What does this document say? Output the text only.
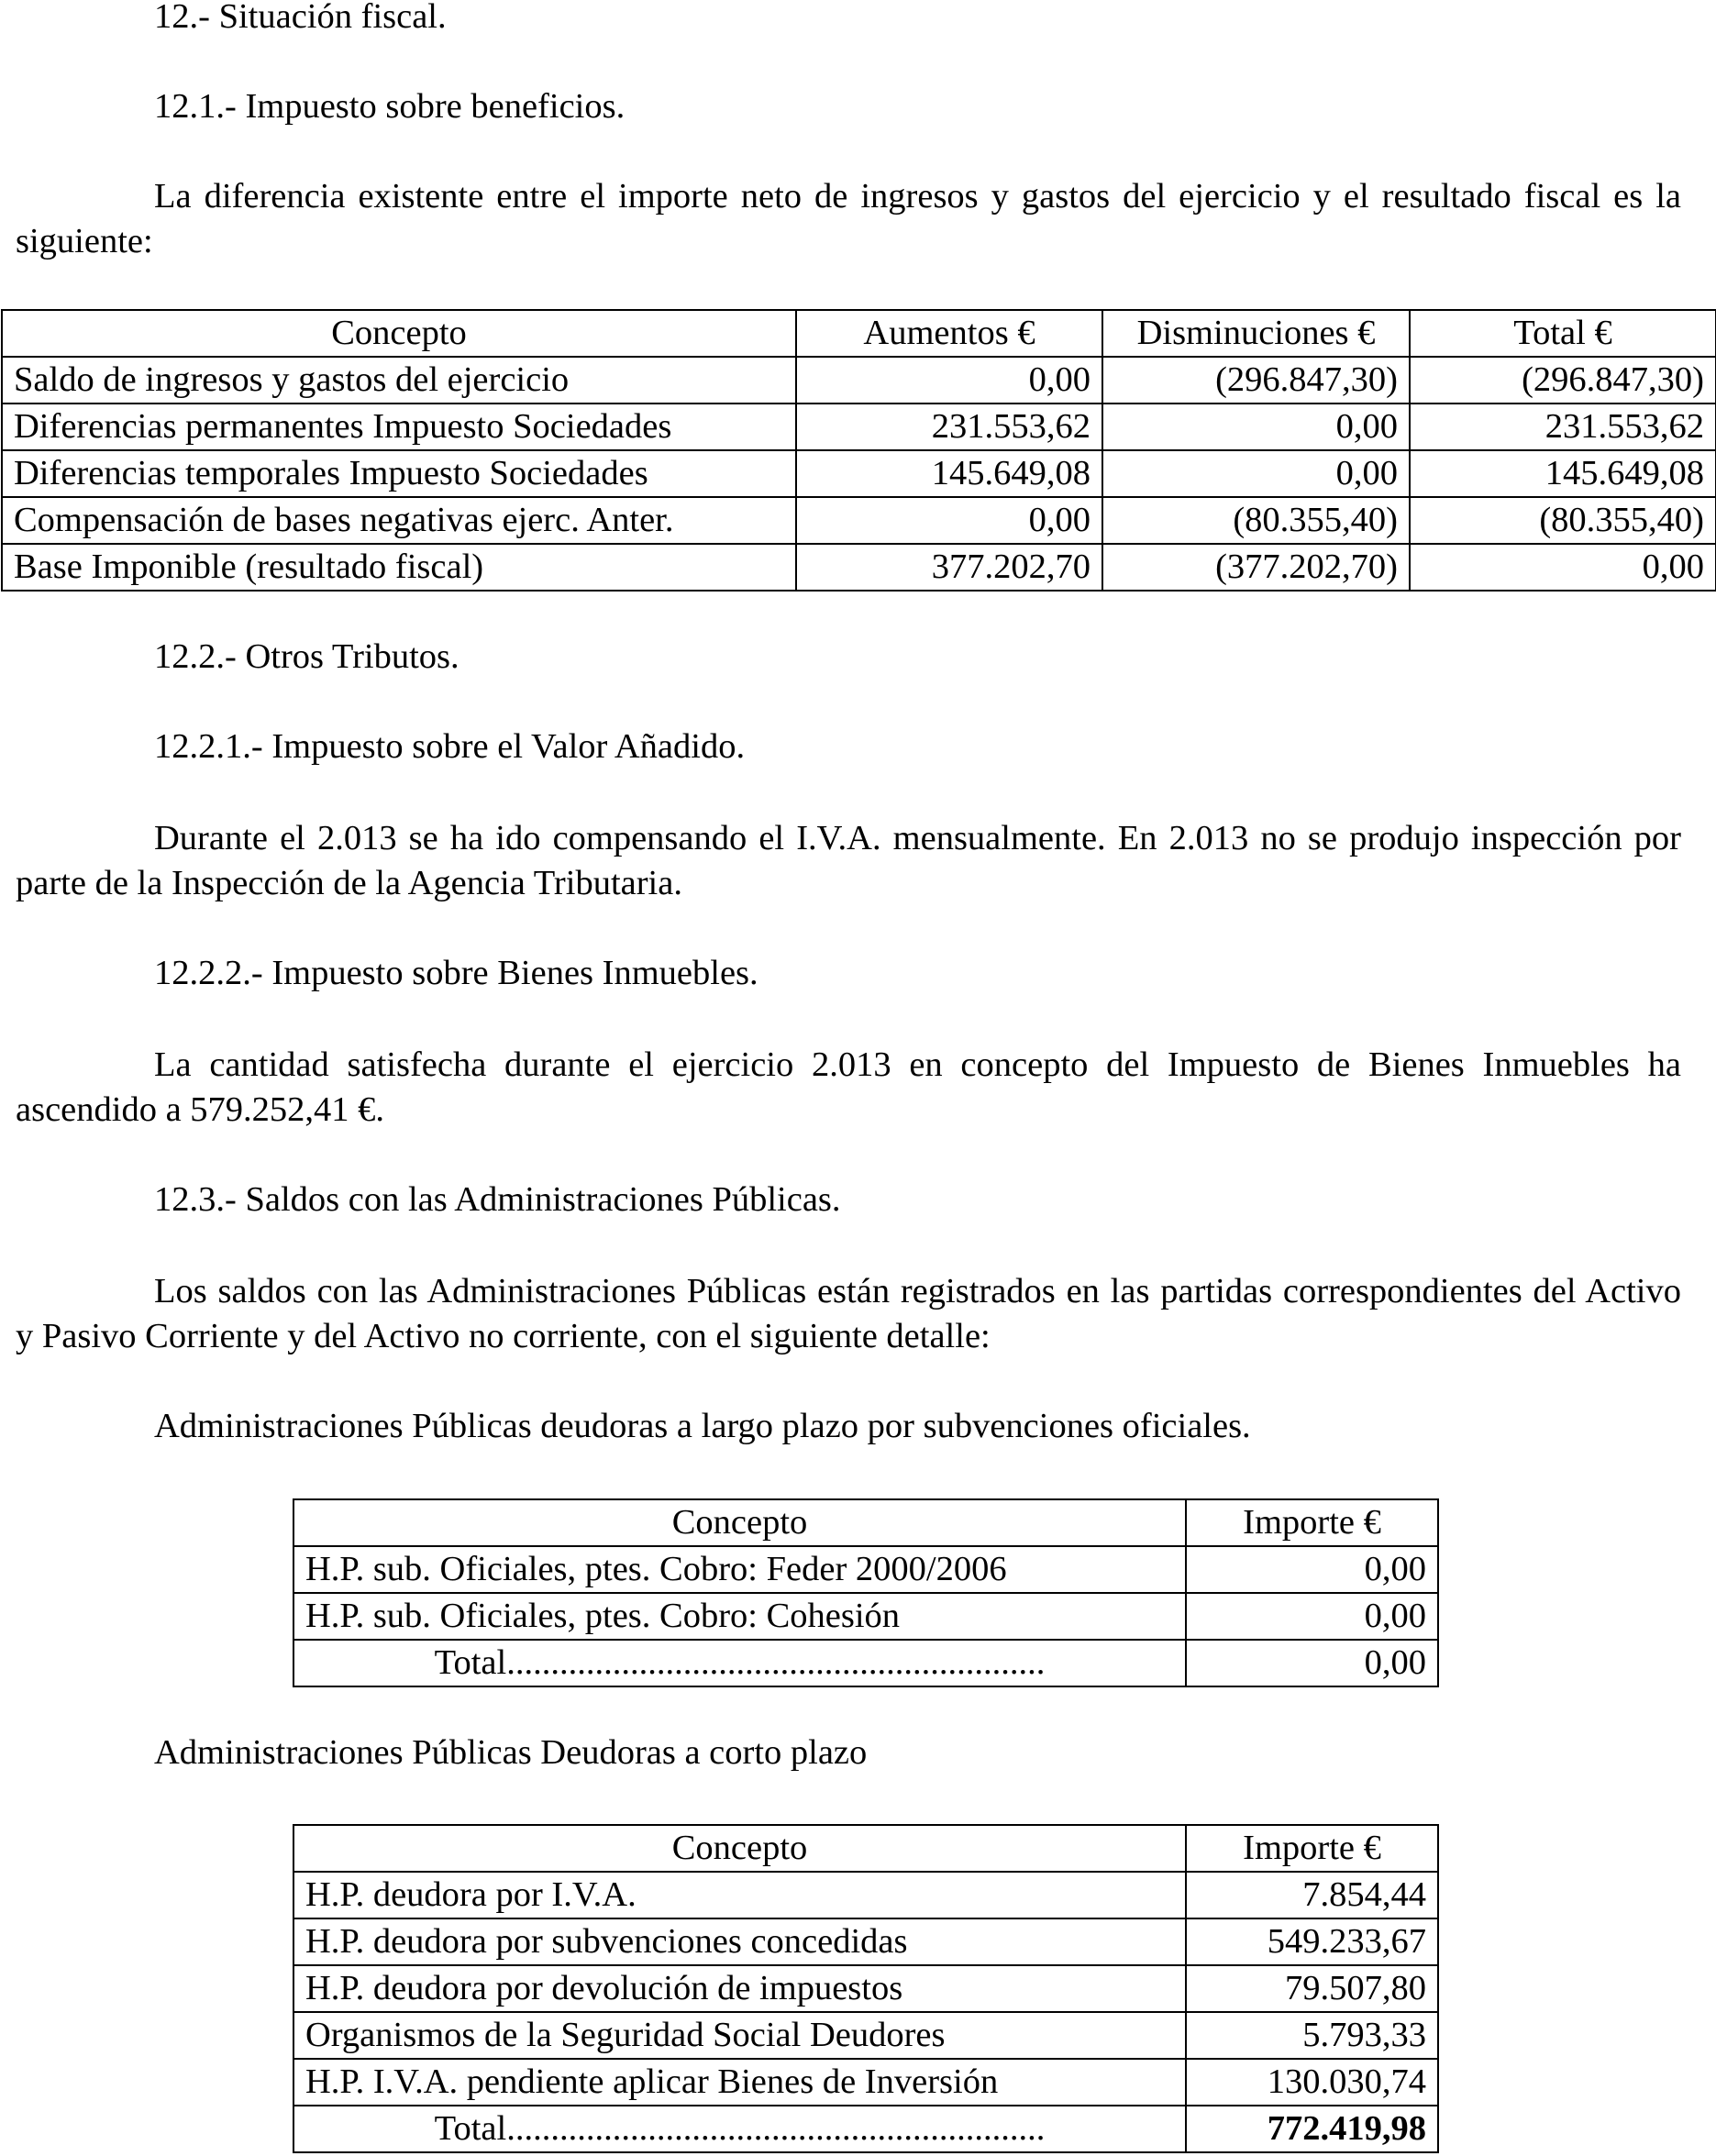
12.- Situación fiscal.
12.1.- Impuesto sobre beneficios.
La diferencia existente entre el importe neto de ingresos y gastos del ejercicio y el resultado fiscal es la siguiente:
Concepto	Aumentos €	Disminuciones €	Total €
Saldo de ingresos y gastos del ejercicio	0,00	(296.847,30)	(296.847,30)
Diferencias permanentes Impuesto Sociedades	231.553,62	0,00	231.553,62
Diferencias temporales Impuesto Sociedades	145.649,08	0,00	145.649,08
Compensación de bases negativas ejerc. Anter.	0,00	(80.355,40)	(80.355,40)
Base Imponible (resultado fiscal)	377.202,70	(377.202,70)	0,00
12.2.- Otros Tributos.
12.2.1.- Impuesto sobre el Valor Añadido.
Durante el 2.013 se ha ido compensando el I.V.A. mensualmente. En 2.013 no se produjo inspección por parte de la Inspección de la Agencia Tributaria.
12.2.2.- Impuesto sobre Bienes Inmuebles.
La cantidad satisfecha durante el ejercicio 2.013 en concepto del Impuesto de Bienes Inmuebles ha ascendido a 579.252,41 €.
12.3.- Saldos con las Administraciones Públicas.
Los saldos con las Administraciones Públicas están registrados en las partidas correspondientes del Activo y Pasivo Corriente y del Activo no corriente, con el siguiente detalle:
Administraciones Públicas deudoras a largo plazo por subvenciones oficiales.
Concepto	Importe €
H.P. sub. Oficiales, ptes. Cobro: Feder 2000/2006	0,00
H.P. sub. Oficiales, ptes. Cobro: Cohesión	0,00
Total.............................................................	0,00
Administraciones Públicas Deudoras a corto plazo
Concepto	Importe €
H.P. deudora por I.V.A.	7.854,44
H.P. deudora por subvenciones concedidas	549.233,67
H.P. deudora por devolución de impuestos	79.507,80
Organismos de la Seguridad Social Deudores	5.793,33
H.P. I.V.A. pendiente aplicar Bienes de Inversión	130.030,74
Total.............................................................	772.419,98
